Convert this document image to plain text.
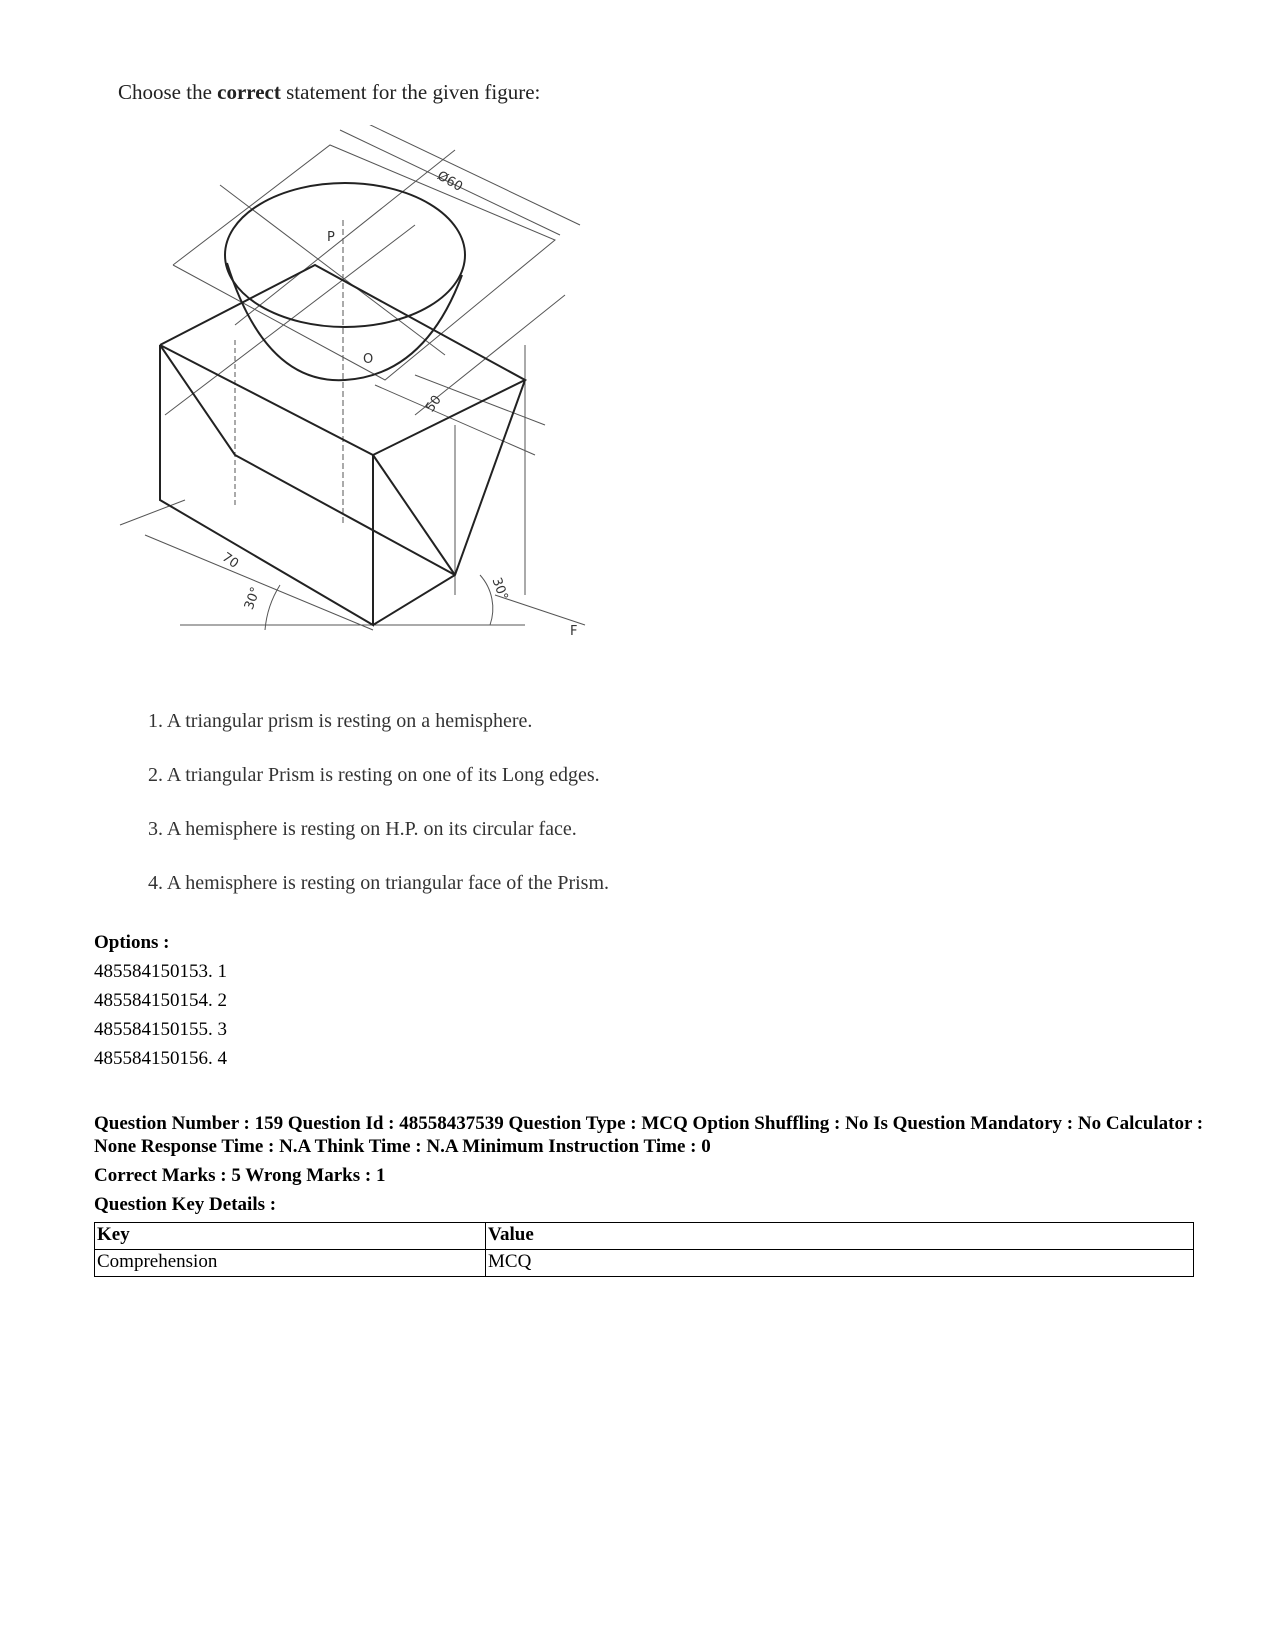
Choose the correct statement for the given figure:
Ø60
P
O
50
70
30°	30°
F
1. A triangular prism is resting on a hemisphere.
2. A triangular Prism is resting on one of its Long edges.
3. A hemisphere is resting on H.P. on its circular face.
4. A hemisphere is resting on triangular face of the Prism.
Options :
485584150153. 1
485584150154. 2
485584150155. 3
485584150156. 4
Question Number : 159 Question Id : 48558437539 Question Type : MCQ Option Shuffling : No Is Question Mandatory : No Calculator : None Response Time : N.A Think Time : N.A Minimum Instruction Time : 0
Correct Marks : 5 Wrong Marks : 1
Question Key Details :
Key	Value
Comprehension	MCQ
